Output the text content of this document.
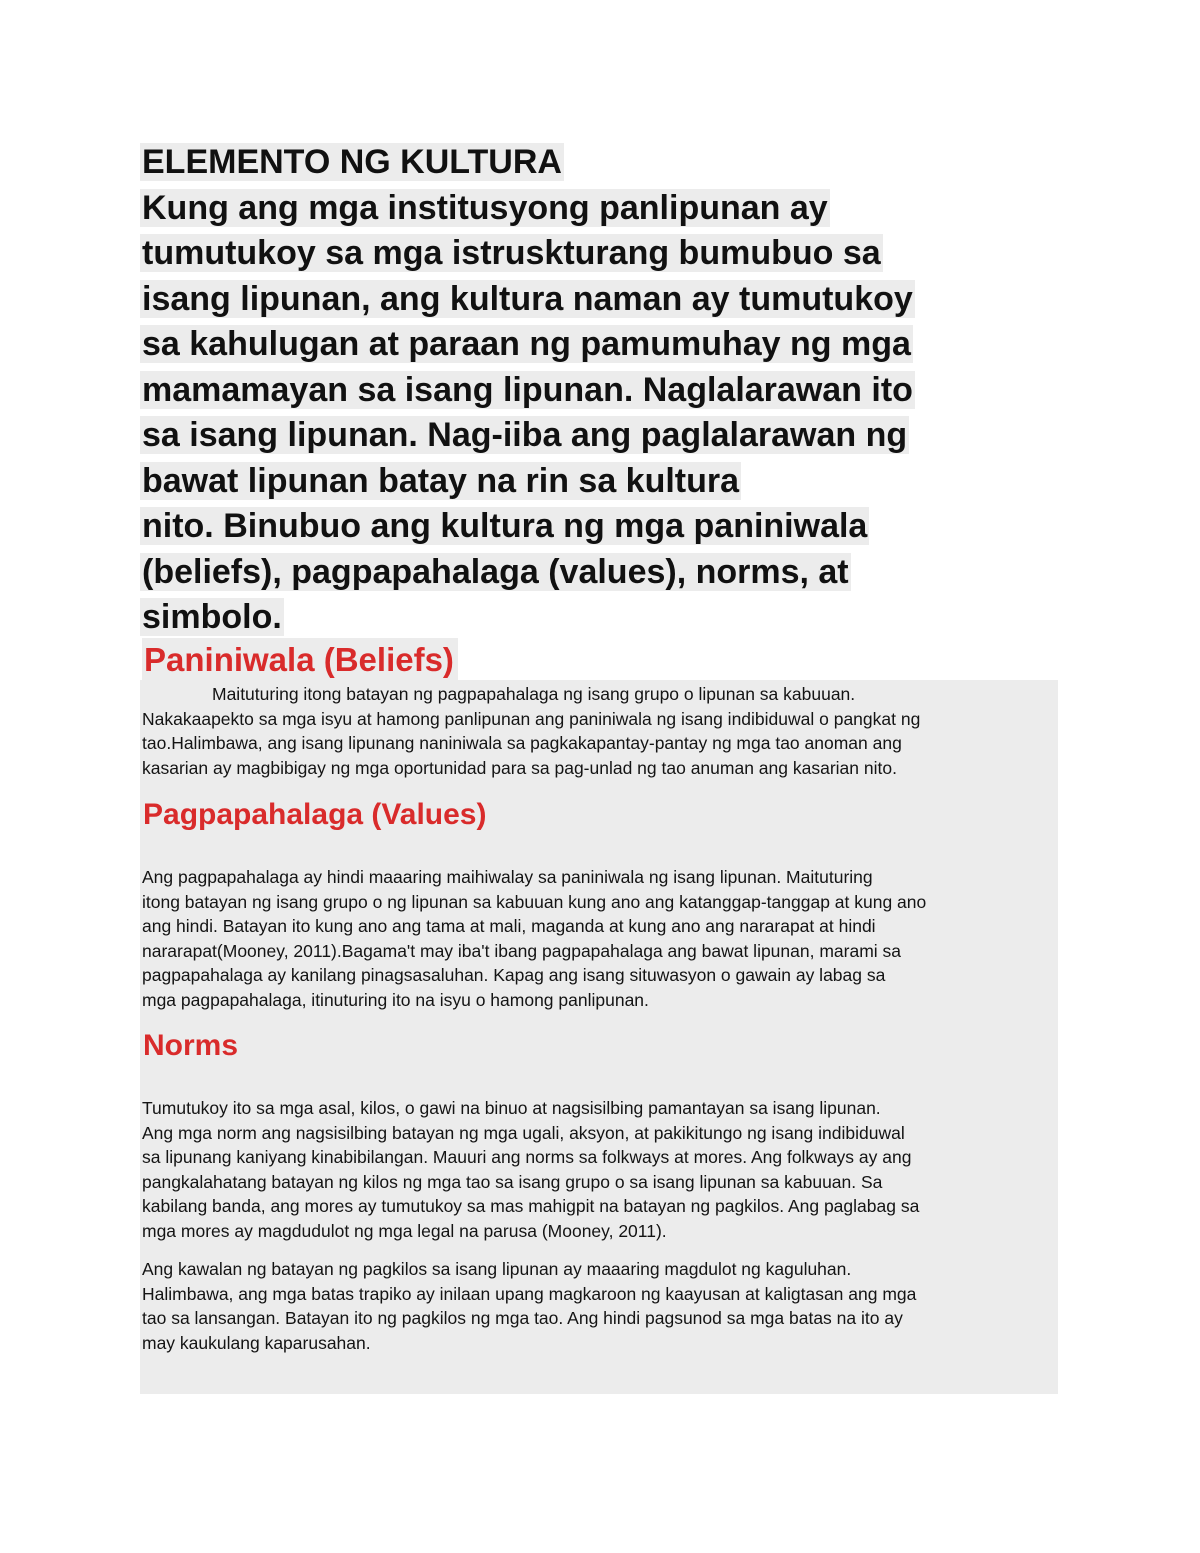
ELEMENTO NG KULTURA
Kung ang mga institusyong panlipunan ay
tumutukoy sa mga istruskturang bumubuo sa
isang lipunan, ang kultura naman ay tumutukoy
sa kahulugan at paraan ng pamumuhay ng mga
mamamayan sa isang lipunan. Naglalarawan ito
sa isang lipunan. Nag-iiba ang paglalarawan ng
bawat lipunan batay na rin sa kultura
nito. Binubuo ang kultura ng mga paniniwala
(beliefs), pagpapahalaga (values), norms, at
simbolo.
Paniniwala (Beliefs)
Maituturing itong batayan ng pagpapahalaga ng isang grupo o lipunan sa kabuuan.
Nakakaapekto sa mga isyu at hamong panlipunan ang paniniwala ng isang indibiduwal o pangkat ng
tao.Halimbawa, ang isang lipunang naniniwala sa pagkakapantay-pantay ng mga tao anoman ang
kasarian ay magbibigay ng mga oportunidad para sa pag-unlad ng tao anuman ang kasarian nito.
Pagpapahalaga (Values)
Ang pagpapahalaga ay hindi maaaring maihiwalay sa paniniwala ng isang lipunan. Maituturing
itong batayan ng isang grupo o ng lipunan sa kabuuan kung ano ang katanggap-tanggap at kung ano
ang hindi. Batayan ito kung ano ang tama at mali, maganda at kung ano ang nararapat at hindi
nararapat(Mooney, 2011).Bagama't may iba't ibang pagpapahalaga ang bawat lipunan, marami sa
pagpapahalaga ay kanilang pinagsasaluhan. Kapag ang isang situwasyon o gawain ay labag sa
mga pagpapahalaga, itinuturing ito na isyu o hamong panlipunan.
Norms
Tumutukoy ito sa mga asal, kilos, o gawi na binuo at nagsisilbing pamantayan sa isang lipunan.
Ang mga norm ang nagsisilbing batayan ng mga ugali, aksyon, at pakikitungo ng isang indibiduwal
sa lipunang kaniyang kinabibilangan. Mauuri ang norms sa folkways at mores. Ang folkways ay ang
pangkalahatang batayan ng kilos ng mga tao sa isang grupo o sa isang lipunan sa kabuuan. Sa
kabilang banda, ang mores ay tumutukoy sa mas mahigpit na batayan ng pagkilos. Ang paglabag sa
mga mores ay magdudulot ng mga legal na parusa (Mooney, 2011).
Ang kawalan ng batayan ng pagkilos sa isang lipunan ay maaaring magdulot ng kaguluhan.
Halimbawa, ang mga batas trapiko ay inilaan upang magkaroon ng kaayusan at kaligtasan ang mga
tao sa lansangan. Batayan ito ng pagkilos ng mga tao. Ang hindi pagsunod sa mga batas na ito ay
may kaukulang kaparusahan.
